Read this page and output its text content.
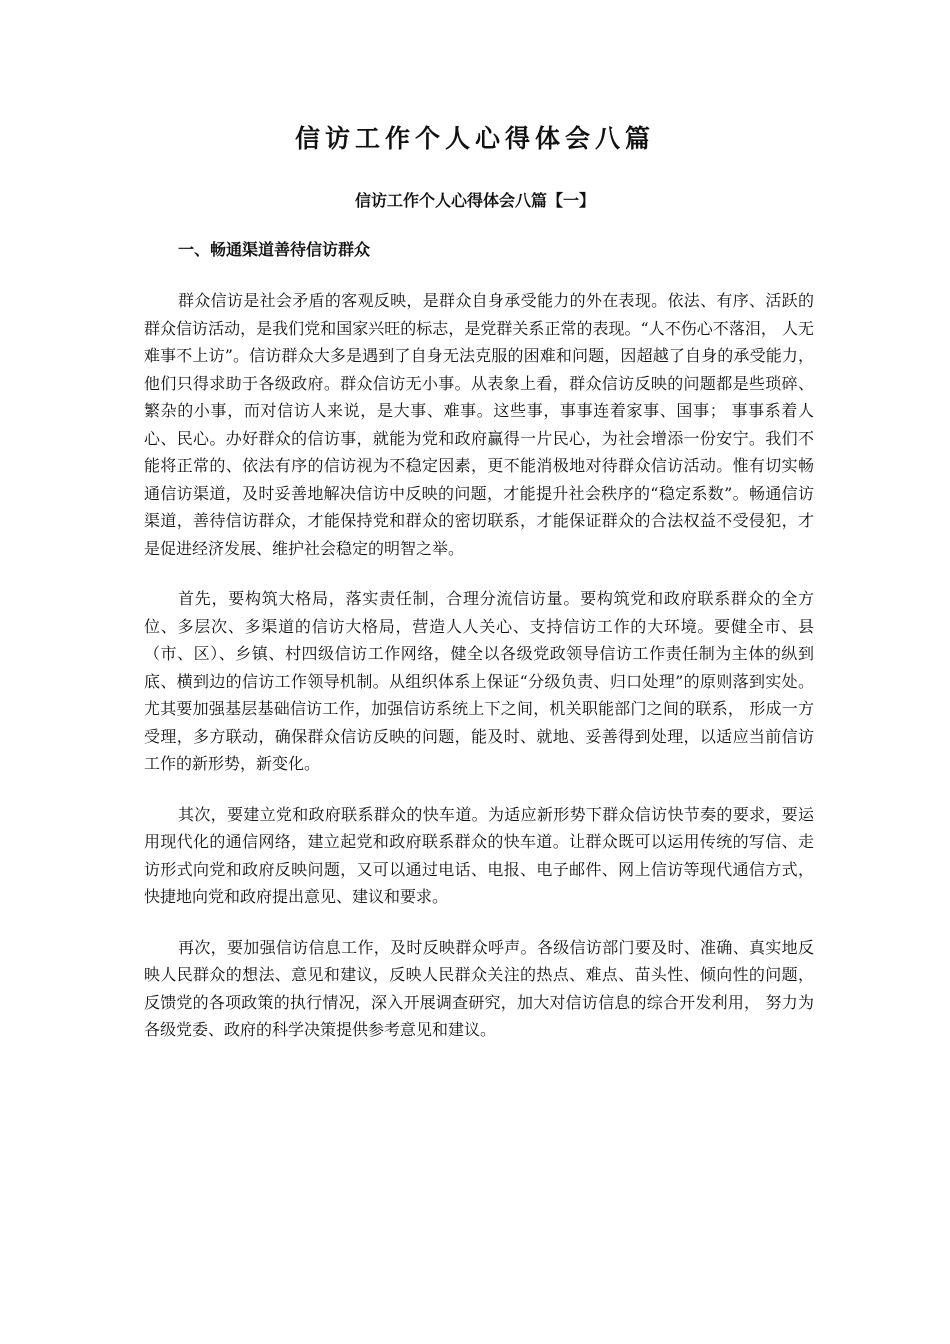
信访工作个人心得体会八篇
信访工作个人心得体会八篇【一】
一、畅通渠道善待信访群众

群众信访是社会矛盾的客观反映，是群众自身承受能力的外在表现。依法、有序、活跃的群众信访活动，是我们党和国家兴旺的标志，是党群关系正常的表现。“人不伤心不落泪， 人无难事不上访”。信访群众大多是遇到了自身无法克服的困难和问题，因超越了自身的承受能力，他们只得求助于各级政府。群众信访无小事。从表象上看，群众信访反映的问题都是些琐碎、繁杂的小事，而对信访人来说，是大事、难事。这些事，事事连着家事、国事； 事事系着人心、民心。办好群众的信访事，就能为党和政府赢得一片民心，为社会增添一份安宁。我们不能将正常的、依法有序的信访视为不稳定因素，更不能消极地对待群众信访活动。惟有切实畅通信访渠道，及时妥善地解决信访中反映的问题，才能提升社会秩序的“稳定系数”。畅通信访渠道，善待信访群众，才能保持党和群众的密切联系，才能保证群众的合法权益不受侵犯，才是促进经济发展、维护社会稳定的明智之举。

首先，要构筑大格局，落实责任制，合理分流信访量。要构筑党和政府联系群众的全方位、多层次、多渠道的信访大格局，营造人人关心、支持信访工作的大环境。要健全市、县（市、区）、乡镇、村四级信访工作网络，健全以各级党政领导信访工作责任制为主体的纵到底、横到边的信访工作领导机制。从组织体系上保证“分级负责、归口处理”的原则落到实处。尤其要加强基层基础信访工作，加强信访系统上下之间，机关职能部门之间的联系， 形成一方受理，多方联动，确保群众信访反映的问题，能及时、就地、妥善得到处理，以适应当前信访工作的新形势，新变化。

其次，要建立党和政府联系群众的快车道。为适应新形势下群众信访快节奏的要求，要运用现代化的通信网络，建立起党和政府联系群众的快车道。让群众既可以运用传统的写信、走访形式向党和政府反映问题，又可以通过电话、电报、电子邮件、网上信访等现代通信方式，快捷地向党和政府提出意见、建议和要求。

再次，要加强信访信息工作，及时反映群众呼声。各级信访部门要及时、准确、真实地反映人民群众的想法、意见和建议，反映人民群众关注的热点、难点、苗头性、倾向性的问题，反馈党的各项政策的执行情况，深入开展调查研究，加大对信访信息的综合开发利用， 努力为各级党委、政府的科学决策提供参考意见和建议。
